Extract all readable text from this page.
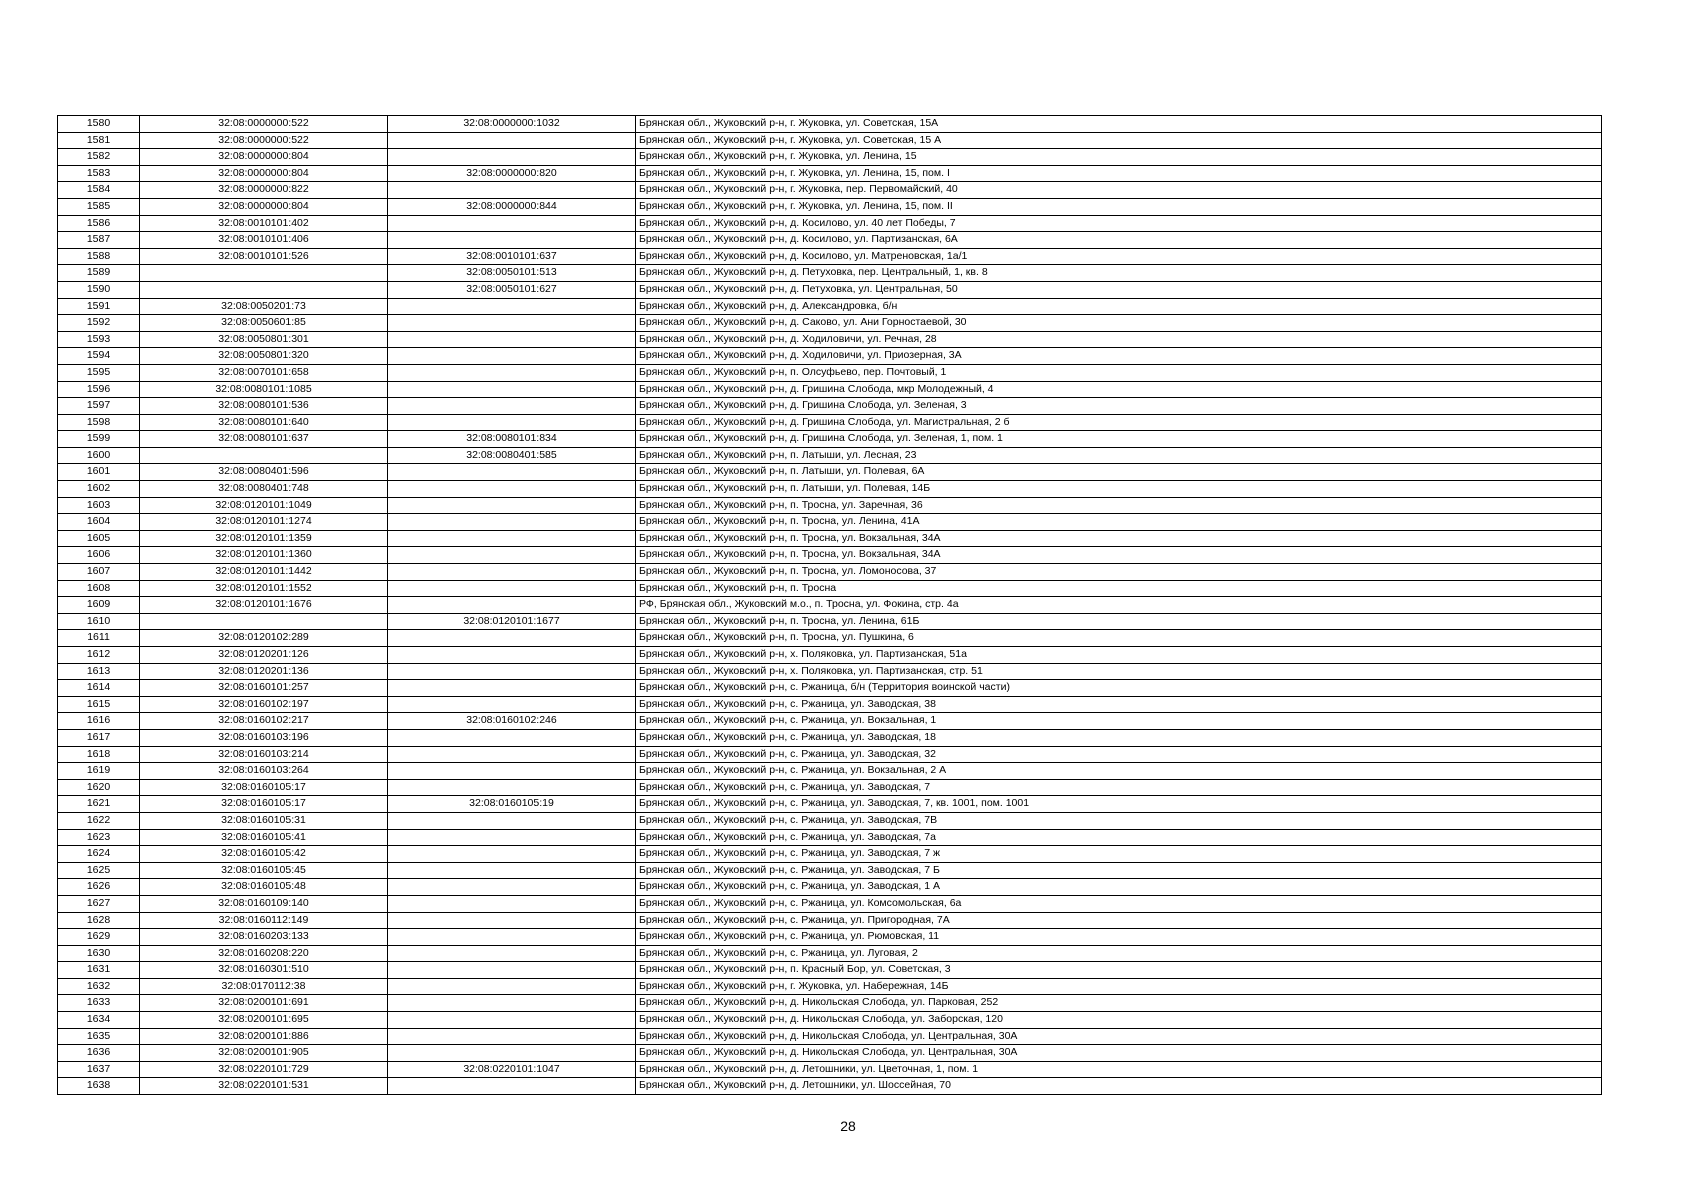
1580	32:08:0000000:522	32:08:0000000:1032	Брянская обл., Жуковский р-н, г. Жуковка, ул. Советская, 15А
1581	32:08:0000000:522		Брянская обл., Жуковский р-н, г. Жуковка, ул. Советская, 15 А
1582	32:08:0000000:804		Брянская обл., Жуковский р-н, г. Жуковка, ул. Ленина, 15
1583	32:08:0000000:804	32:08:0000000:820	Брянская обл., Жуковский р-н, г. Жуковка, ул. Ленина, 15, пом. I
1584	32:08:0000000:822		Брянская обл., Жуковский р-н, г. Жуковка, пер. Первомайский, 40
1585	32:08:0000000:804	32:08:0000000:844	Брянская обл., Жуковский р-н, г. Жуковка, ул. Ленина, 15, пом. II
1586	32:08:0010101:402		Брянская обл., Жуковский р-н, д. Косилово, ул. 40 лет Победы, 7
1587	32:08:0010101:406		Брянская обл., Жуковский р-н, д. Косилово, ул. Партизанская, 6А
1588	32:08:0010101:526	32:08:0010101:637	Брянская обл., Жуковский р-н, д. Косилово, ул. Матреновская, 1а/1
1589		32:08:0050101:513	Брянская обл., Жуковский р-н, д. Петуховка, пер. Центральный, 1, кв. 8
1590		32:08:0050101:627	Брянская обл., Жуковский р-н, д. Петуховка, ул. Центральная, 50
1591	32:08:0050201:73		Брянская обл., Жуковский р-н, д. Александровка, б/н
1592	32:08:0050601:85		Брянская обл., Жуковский р-н, д. Саково, ул. Ани Горностаевой, 30
1593	32:08:0050801:301		Брянская обл., Жуковский р-н, д. Ходиловичи, ул. Речная, 28
1594	32:08:0050801:320		Брянская обл., Жуковский р-н, д. Ходиловичи, ул. Приозерная, 3А
1595	32:08:0070101:658		Брянская обл., Жуковский р-н, п. Олсуфьево, пер. Почтовый, 1
1596	32:08:0080101:1085		Брянская обл., Жуковский р-н, д. Гришина Слобода, мкр Молодежный, 4
1597	32:08:0080101:536		Брянская обл., Жуковский р-н, д. Гришина Слобода, ул. Зеленая, 3
1598	32:08:0080101:640		Брянская обл., Жуковский р-н, д. Гришина Слобода, ул. Магистральная, 2 б
1599	32:08:0080101:637	32:08:0080101:834	Брянская обл., Жуковский р-н, д. Гришина Слобода, ул. Зеленая, 1, пом. 1
1600		32:08:0080401:585	Брянская обл., Жуковский р-н, п. Латыши, ул. Лесная, 23
1601	32:08:0080401:596		Брянская обл., Жуковский р-н, п. Латыши, ул. Полевая, 6А
1602	32:08:0080401:748		Брянская обл., Жуковский р-н, п. Латыши, ул. Полевая, 14Б
1603	32:08:0120101:1049		Брянская обл., Жуковский р-н, п. Тросна, ул. Заречная, 36
1604	32:08:0120101:1274		Брянская обл., Жуковский р-н, п. Тросна, ул. Ленина, 41А
1605	32:08:0120101:1359		Брянская обл., Жуковский р-н, п. Тросна, ул. Вокзальная, 34А
1606	32:08:0120101:1360		Брянская обл., Жуковский р-н, п. Тросна, ул. Вокзальная, 34А
1607	32:08:0120101:1442		Брянская обл., Жуковский р-н, п. Тросна, ул. Ломоносова, 37
1608	32:08:0120101:1552		Брянская обл., Жуковский р-н, п. Тросна
1609	32:08:0120101:1676		РФ, Брянская обл., Жуковский м.о., п. Тросна, ул. Фокина, стр. 4а
1610		32:08:0120101:1677	Брянская обл., Жуковский р-н, п. Тросна, ул. Ленина, 61Б
1611	32:08:0120102:289		Брянская обл., Жуковский р-н, п. Тросна, ул. Пушкина, 6
1612	32:08:0120201:126		Брянская обл., Жуковский р-н, х. Поляковка, ул. Партизанская, 51а
1613	32:08:0120201:136		Брянская обл., Жуковский р-н, х. Поляковка, ул. Партизанская, стр. 51
1614	32:08:0160101:257		Брянская обл., Жуковский р-н, с. Ржаница, б/н (Территория воинской части)
1615	32:08:0160102:197		Брянская обл., Жуковский р-н, с. Ржаница, ул. Заводская, 38
1616	32:08:0160102:217	32:08:0160102:246	Брянская обл., Жуковский р-н, с. Ржаница, ул. Вокзальная, 1
1617	32:08:0160103:196		Брянская обл., Жуковский р-н, с. Ржаница, ул. Заводская, 18
1618	32:08:0160103:214		Брянская обл., Жуковский р-н, с. Ржаница, ул. Заводская, 32
1619	32:08:0160103:264		Брянская обл., Жуковский р-н, с. Ржаница, ул. Вокзальная, 2 А
1620	32:08:0160105:17		Брянская обл., Жуковский р-н, с. Ржаница, ул. Заводская, 7
1621	32:08:0160105:17	32:08:0160105:19	Брянская обл., Жуковский р-н, с. Ржаница, ул. Заводская, 7, кв. 1001, пом. 1001
1622	32:08:0160105:31		Брянская обл., Жуковский р-н, с. Ржаница, ул. Заводская, 7В
1623	32:08:0160105:41		Брянская обл., Жуковский р-н, с. Ржаница, ул. Заводская, 7а
1624	32:08:0160105:42		Брянская обл., Жуковский р-н, с. Ржаница, ул. Заводская, 7 ж
1625	32:08:0160105:45		Брянская обл., Жуковский р-н, с. Ржаница, ул. Заводская, 7 Б
1626	32:08:0160105:48		Брянская обл., Жуковский р-н, с. Ржаница, ул. Заводская, 1 А
1627	32:08:0160109:140		Брянская обл., Жуковский р-н, с. Ржаница, ул. Комсомольская, 6а
1628	32:08:0160112:149		Брянская обл., Жуковский р-н, с. Ржаница, ул. Пригородная, 7А
1629	32:08:0160203:133		Брянская обл., Жуковский р-н, с. Ржаница, ул. Рюмовская, 11
1630	32:08:0160208:220		Брянская обл., Жуковский р-н, с. Ржаница, ул. Луговая, 2
1631	32:08:0160301:510		Брянская обл., Жуковский р-н, п. Красный Бор, ул. Советская, 3
1632	32:08:0170112:38		Брянская обл., Жуковский р-н, г. Жуковка, ул. Набережная, 14Б
1633	32:08:0200101:691		Брянская обл., Жуковский р-н, д. Никольская Слобода, ул. Парковая, 252
1634	32:08:0200101:695		Брянская обл., Жуковский р-н, д. Никольская Слобода, ул. Заборская, 120
1635	32:08:0200101:886		Брянская обл., Жуковский р-н, д. Никольская Слобода, ул. Центральная, 30А
1636	32:08:0200101:905		Брянская обл., Жуковский р-н, д. Никольская Слобода, ул. Центральная, 30А
1637	32:08:0220101:729	32:08:0220101:1047	Брянская обл., Жуковский р-н, д. Летошники, ул. Цветочная, 1, пом. 1
1638	32:08:0220101:531		Брянская обл., Жуковский р-н, д. Летошники, ул. Шоссейная, 70
28
